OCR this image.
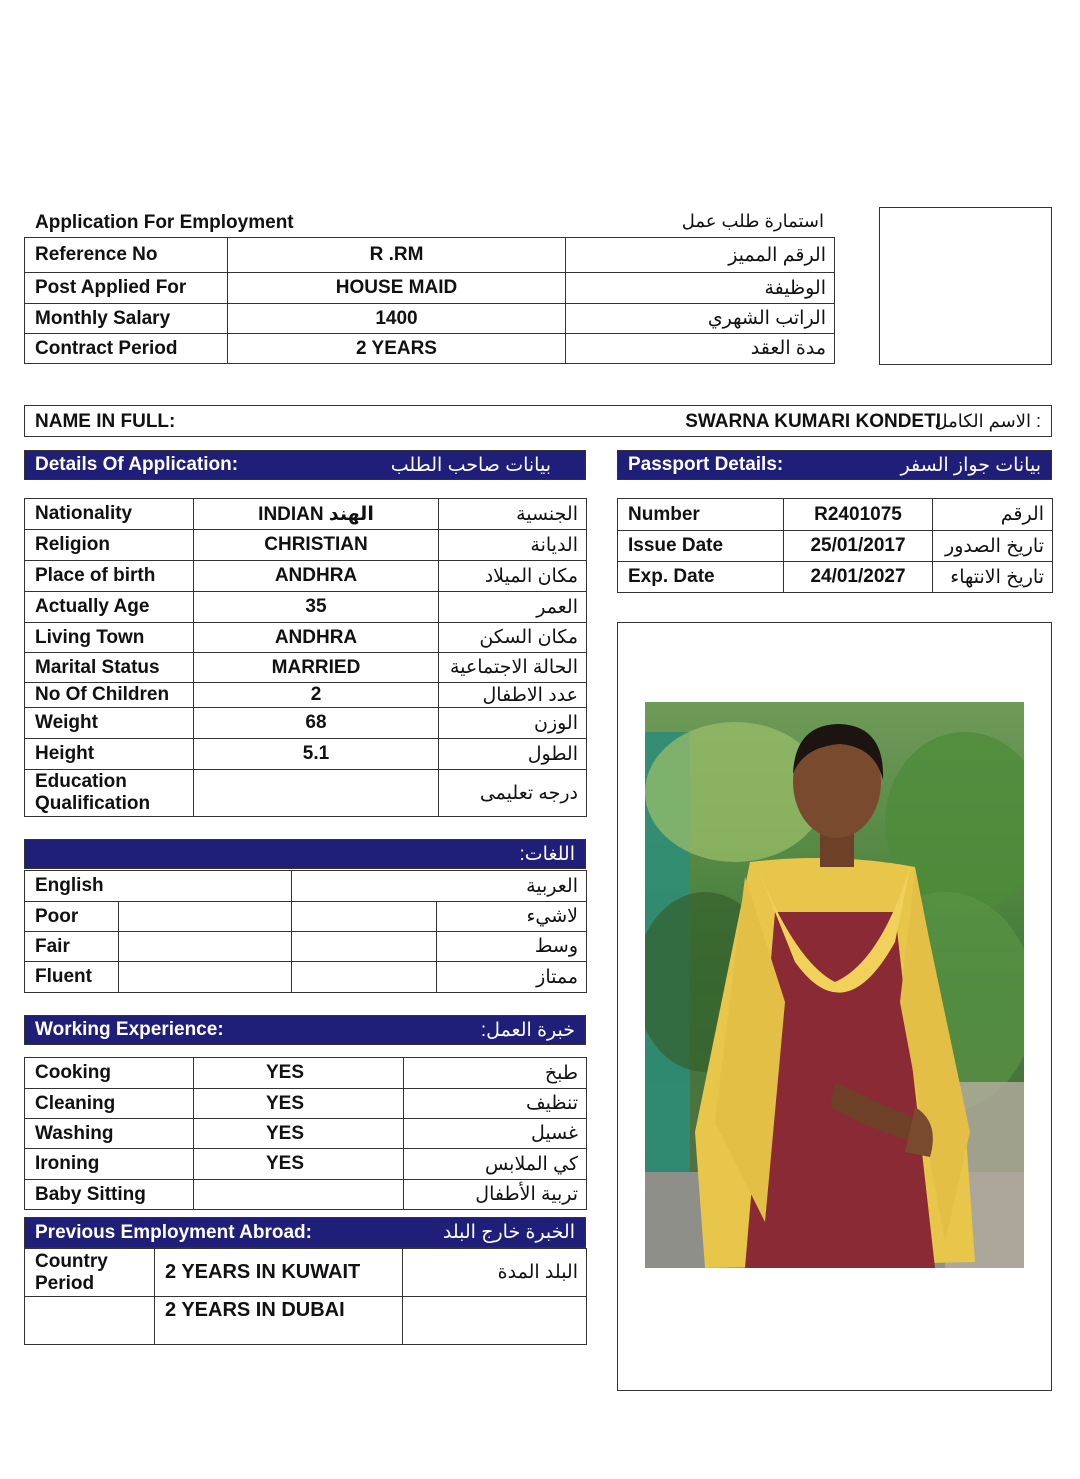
Application For Employment	استمارة طلب عمل
Reference No	R .RM	الرقم المميز
Post Applied For	HOUSE MAID	الوظيفة
Monthly Salary	1400	الراتب الشهري
Contract Period	2 YEARS	مدة العقد
NAME IN FULL:	SWARNA KUMARI KONDETI
: الاسم الكامل
Details Of Application:	بيانات صاحب الطلب	Passport Details:	بيانات جواز السفر
Nationality	INDIAN الهند	الجنسية
Religion	CHRISTIAN	الديانة
Place of birth	ANDHRA	مكان الميلاد
Actually Age	35	العمر
Living Town	ANDHRA	مكان السكن
Marital Status	MARRIED	الحالة الاجتماعية
No Of Children	2	عدد الاطفال
Weight	68	الوزن
Height	5.1	الطول
Education Qualification		درجه تعليمى
Number	R2401075	الرقم
Issue Date	25/01/2017	تاريخ الصدور
Exp. Date	24/01/2027	تاريخ الانتهاء
اللغات:
English		العربية	
Poor			لاشيء
Fair			وسط
Fluent			ممتاز
Working Experience:	خبرة العمل:
Cooking	YES	طبخ
Cleaning	YES	تنظيف
Washing	YES	غسيل
Ironing	YES	كي الملابس
Baby Sitting		تربية الأطفال
Previous Employment Abroad:	الخبرة خارج البلد
Country Period	2 YEARS IN KUWAIT	البلد المدة
	2 YEARS IN DUBAI	
